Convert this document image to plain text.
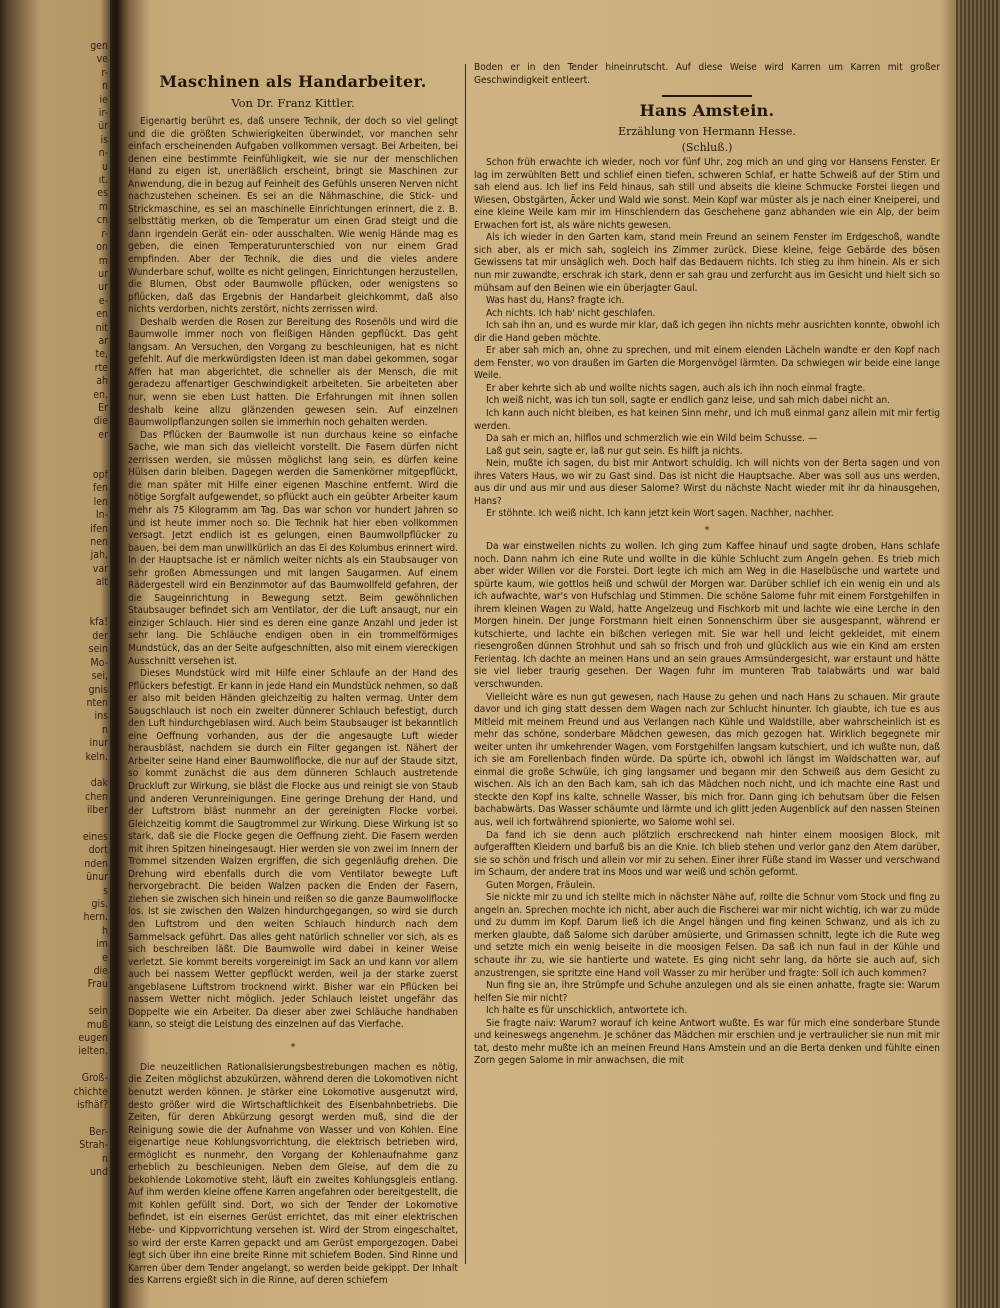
gen

ve

r-

n

ie

ir-

ür

is

n-

u

ıt.

es

m

cn

r-

on

m

ur

ur

e-

en

nit

ar

te,

rte

ah

en.

Er

die

er

opf

fen

len

In-

ifen

nen

jah,

var

alt

kfa!

der

sein

Mo-

sei,

gnis

nten

ins

n

inur

keln.

dak

chen

ilber

eines

dort

nden

ünur

s

gis.

hern.

h

im

e

die

Frau

sein

muß

eugen

ielten.

Groß-

chichte

isfhäf?

Ber-

Strah-

n

und

Maschinen als Handarbeiter.
Von Dr. Franz Kittler.

Eigenartig berührt es, daß unsere Technik, der doch so viel gelingt und die die größten Schwierigkeiten überwindet, vor manchen sehr einfach erscheinenden Aufgaben vollkommen versagt. Bei Arbeiten, bei denen eine bestimmte Feinfühligkeit, wie sie nur der menschlichen Hand zu eigen ist, unerläßlich erscheint, bringt sie Maschinen zur Anwendung, die in bezug auf Feinheit des Gefühls unseren Nerven nicht nachzustehen scheinen. Es sei an die Nähmaschine, die Stick- und Strickmaschine, es sei an maschinelle Einrichtungen erinnert, die z. B. selbsttätig merken, ob die Temperatur um einen Grad steigt und die dann irgendein Gerät ein- oder ausschalten. Wie wenig Hände mag es geben, die einen Temperaturunterschied von nur einem Grad empfinden. Aber der Technik, die dies und die vieles andere Wunderbare schuf, wollte es nicht gelingen, Einrichtungen herzustellen, die Blumen, Obst oder Baumwolle pflücken, oder wenigstens so pflücken, daß das Ergebnis der Handarbeit gleichkommt, daß also nichts verdorben, nichts zerstört, nichts zerrissen wird.

Deshalb werden die Rosen zur Bereitung des Rosenöls und wird die Baumwolle immer noch von fleißigen Händen gepflückt. Das geht langsam. An Versuchen, den Vorgang zu beschleunigen, hat es nicht gefehlt. Auf die merkwürdigsten Ideen ist man dabei gekommen, sogar Affen hat man abgerichtet, die schneller als der Mensch, die mit geradezu affenartiger Geschwindigkeit arbeiteten. Sie arbeiteten aber nur, wenn sie eben Lust hatten. Die Erfahrungen mit ihnen sollen deshalb keine allzu glänzenden gewesen sein. Auf einzelnen Baumwollpflanzungen sollen sie immerhin noch gehalten werden.

Das Pflücken der Baumwolle ist nun durchaus keine so einfache Sache, wie man sich das vielleicht vorstellt. Die Fasern dürfen nicht zerrissen werden, sie müssen möglichst lang sein, es dürfen keine Hülsen darin bleiben. Dagegen werden die Samenkörner mitgepflückt, die man später mit Hilfe einer eigenen Maschine entfernt. Wird die nötige Sorgfalt aufgewendet, so pflückt auch ein geübter Arbeiter kaum mehr als 75 Kilogramm am Tag. Das war schon vor hundert Jahren so und ist heute immer noch so. Die Technik hat hier eben vollkommen versagt. Jetzt endlich ist es gelungen, einen Baumwollpflücker zu bauen, bei dem man unwillkürlich an das Ei des Kolumbus erinnert wird. In der Hauptsache ist er nämlich weiter nichts als ein Staubsauger von sehr großen Abmessungen und mit langen Saugarmen. Auf einem Rädergestell wird ein Benzinmotor auf das Baumwollfeld gefahren, der die Saugeinrichtung in Bewegung setzt. Beim gewöhnlichen Staubsauger befindet sich am Ventilator, der die Luft ansaugt, nur ein einziger Schlauch. Hier sind es deren eine ganze Anzahl und jeder ist sehr lang. Die Schläuche endigen oben in ein trommelförmiges Mundstück, das an der Seite aufgeschnitten, also mit einem viereckigen Ausschnitt versehen ist.

Dieses Mundstück wird mit Hilfe einer Schlaufe an der Hand des Pflückers befestigt. Er kann in jede Hand ein Mundstück nehmen, so daß er also mit beiden Händen gleichzeitig zu halten vermag. Unter dem Saugschlauch ist noch ein zweiter dünnerer Schlauch befestigt, durch den Luft hindurchgeblasen wird. Auch beim Staubsauger ist bekanntlich eine Oeffnung vorhanden, aus der die angesaugte Luft wieder herausbläst, nachdem sie durch ein Filter gegangen ist. Nähert der Arbeiter seine Hand einer Baumwollflocke, die nur auf der Staude sitzt, so kommt zunächst die aus dem dünneren Schlauch austretende Druckluft zur Wirkung, sie bläst die Flocke aus und reinigt sie von Staub und anderen Verunreinigungen. Eine geringe Drehung der Hand, und der Luftstrom bläst nunmehr an der gereinigten Flocke vorbei. Gleichzeitig kommt die Saugtrommel zur Wirkung. Diese Wirkung ist so stark, daß sie die Flocke gegen die Oeffnung zieht. Die Fasern werden mit ihren Spitzen hineingesaugt. Hier werden sie von zwei im Innern der Trommel sitzenden Walzen ergriffen, die sich gegenläufig drehen. Die Drehung wird ebenfalls durch die vom Ventilator bewegte Luft hervorgebracht. Die beiden Walzen packen die Enden der Fasern, ziehen sie zwischen sich hinein und reißen so die ganze Baumwollflocke los. Ist sie zwischen den Walzen hindurchgegangen, so wird sie durch den Luftstrom und den weiten Schlauch hindurch nach dem Sammelsack geführt. Das alles geht natürlich schneller vor sich, als es sich beschreiben läßt. Die Baumwolle wird dabei in keiner Weise verletzt. Sie kommt bereits vorgereinigt im Sack an und kann vor allem auch bei nassem Wetter gepflückt werden, weil ja der starke zuerst angeblasene Luftstrom trocknend wirkt. Bisher war ein Pflücken bei nassem Wetter nicht möglich. Jeder Schlauch leistet ungefähr das Doppelte wie ein Arbeiter. Da dieser aber zwei Schläuche handhaben kann, so steigt die Leistung des einzelnen auf das Vierfache.

*

Die neuzeitlichen Rationalisierungsbestrebungen machen es nötig, die Zeiten möglichst abzukürzen, während deren die Lokomotiven nicht benutzt werden können. Je stärker eine Lokomotive ausgenutzt wird, desto größer wird die Wirtschaftlichkeit des Eisenbahnbetriebs. Die Zeiten, für deren Abkürzung gesorgt werden muß, sind die der Reinigung sowie die der Aufnahme von Wasser und von Kohlen. Eine eigenartige neue Kohlungsvorrichtung, die elektrisch betrieben wird, ermöglicht es nunmehr, den Vorgang der Kohlenaufnahme ganz erheblich zu beschleunigen. Neben dem Gleise, auf dem die zu bekohlende Lokomotive steht, läuft ein zweites Kohlungsgleis entlang. Auf ihm werden kleine offene Karren angefahren oder bereitgestellt, die mit Kohlen gefüllt sind. Dort, wo sich der Tender der Lokomotive befindet, ist ein eisernes Gerüst errichtet, das mit einer elektrischen Hebe- und Kippvorrichtung versehen ist. Wird der Strom eingeschaltet, so wird der erste Karren gepackt und am Gerüst emporgezogen. Dabei legt sich über ihn eine breite Rinne mit schiefem Boden. Sind Rinne und Karren über dem Tender angelangt, so werden beide gekippt. Der Inhalt des Karrens ergießt sich in die Rinne, auf deren schiefem

Boden er in den Tender hineinrutscht. Auf diese Weise wird Karren um Karren mit großer Geschwindigkeit entleert.

Hans Amstein.
Erzählung von Hermann Hesse.
(Schluß.)

Schon früh erwachte ich wieder, noch vor fünf Uhr, zog mich an und ging vor Hansens Fenster. Er lag im zerwühlten Bett und schlief einen tiefen, schweren Schlaf, er hatte Schweiß auf der Stirn und sah elend aus. Ich lief ins Feld hinaus, sah still und abseits die kleine Schmucke Forstei liegen und Wiesen, Obstgärten, Äcker und Wald wie sonst. Mein Kopf war müster als je nach einer Kneiperei, und eine kleine Weile kam mir im Hinschlendern das Geschehene ganz abhanden wie ein Alp, der beim Erwachen fort ist, als wäre nichts gewesen.

Als ich wieder in den Garten kam, stand mein Freund an seinem Fenster im Erdgeschoß, wandte sich aber, als er mich sah, sogleich ins Zimmer zurück. Diese kleine, feige Gebärde des bösen Gewissens tat mir unsäglich weh. Doch half das Bedauern nichts. Ich stieg zu ihm hinein. Als er sich nun mir zuwandte, erschrak ich stark, denn er sah grau und zerfurcht aus im Gesicht und hielt sich so mühsam auf den Beinen wie ein überjagter Gaul.

Was hast du, Hans? fragte ich.

Ach nichts. Ich hab' nicht geschlafen.

Ich sah ihn an, und es wurde mir klar, daß ich gegen ihn nichts mehr ausrichten konnte, obwohl ich dir die Hand geben möchte.

Er aber sah mich an, ohne zu sprechen, und mit einem elenden Lächeln wandte er den Kopf nach dem Fenster, wo von draußen im Garten die Morgenvögel lärmten. Da schwiegen wir beide eine lange Weile.

Er aber kehrte sich ab und wollte nichts sagen, auch als ich ihn noch einmal fragte.

Ich weiß nicht, was ich tun soll, sagte er endlich ganz leise, und sah mich dabei nicht an.

Ich kann auch nicht bleiben, es hat keinen Sinn mehr, und ich muß einmal ganz allein mit mir fertig werden.

Da sah er mich an, hilflos und schmerzlich wie ein Wild beim Schusse. —

Laß gut sein, sagte er, laß nur gut sein. Es hilft ja nichts.

Nein, mußte ich sagen, du bist mir Antwort schuldig. Ich will nichts von der Berta sagen und von ihres Vaters Haus, wo wir zu Gast sind. Das ist nicht die Hauptsache. Aber was soll aus uns werden, aus dir und aus mir und aus dieser Salome? Wirst du nächste Nacht wieder mit ihr da hinausgehen, Hans?

Er stöhnte. Ich weiß nicht. Ich kann jetzt kein Wort sagen. Nachher, nachher.

*

Da war einstweilen nichts zu wollen. Ich ging zum Kaffee hinauf und sagte droben, Hans schlafe noch. Dann nahm ich eine Rute und wollte in die kühle Schlucht zum Angeln gehen. Es trieb mich aber wider Willen vor die Forstei. Dort legte ich mich am Weg in die Haselbüsche und wartete und spürte kaum, wie gottlos heiß und schwül der Morgen war. Darüber schlief ich ein wenig ein und als ich aufwachte, war's von Hufschlag und Stimmen. Die schöne Salome fuhr mit einem Forstgehilfen in ihrem kleinen Wagen zu Wald, hatte Angelzeug und Fischkorb mit und lachte wie eine Lerche in den Morgen hinein. Der junge Forstmann hielt einen Sonnenschirm über sie ausgespannt, während er kutschierte, und lachte ein bißchen verlegen mit. Sie war hell und leicht gekleidet, mit einem riesengroßen dünnen Strohhut und sah so frisch und froh und glücklich aus wie ein Kind am ersten Ferientag. Ich dachte an meinen Hans und an sein graues Armsündergesicht, war erstaunt und hätte sie viel lieber traurig gesehen. Der Wagen fuhr im munteren Trab talabwärts und war bald verschwunden.

Vielleicht wäre es nun gut gewesen, nach Hause zu gehen und nach Hans zu schauen. Mir graute davor und ich ging statt dessen dem Wagen nach zur Schlucht hinunter. Ich glaubte, ich tue es aus Mitleid mit meinem Freund und aus Verlangen nach Kühle und Waldstille, aber wahrscheinlich ist es mehr das schöne, sonderbare Mädchen gewesen, das mich gezogen hat. Wirklich begegnete mir weiter unten ihr umkehrender Wagen, vom Forstgehilfen langsam kutschiert, und ich wußte nun, daß ich sie am Forellenbach finden würde. Da spürte ich, obwohl ich längst im Waldschatten war, auf einmal die große Schwüle, ich ging langsamer und begann mir den Schweiß aus dem Gesicht zu wischen. Als ich an den Bach kam, sah ich das Mädchen noch nicht, und ich machte eine Rast und steckte den Kopf ins kalte, schnelle Wasser, bis mich fror. Dann ging ich behutsam über die Felsen bachabwärts. Das Wasser schäumte und lärmte und ich glitt jeden Augenblick auf den nassen Steinen aus, weil ich fortwährend spionierte, wo Salome wohl sei.

Da fand ich sie denn auch plötzlich erschreckend nah hinter einem moosigen Block, mit aufgerafften Kleidern und barfuß bis an die Knie. Ich blieb stehen und verlor ganz den Atem darüber, sie so schön und frisch und allein vor mir zu sehen. Einer ihrer Füße stand im Wasser und verschwand im Schaum, der andere trat ins Moos und war weiß und schön geformt.

Guten Morgen, Fräulein.

Sie nickte mir zu und ich stellte mich in nächster Nähe auf, rollte die Schnur vom Stock und fing zu angeln an. Sprechen mochte ich nicht, aber auch die Fischerei war mir nicht wichtig, ich war zu müde und zu dumm im Kopf. Darum ließ ich die Angel hängen und fing keinen Schwanz, und als ich zu merken glaubte, daß Salome sich darüber amüsierte, und Grimassen schnitt, legte ich die Rute weg und setzte mich ein wenig beiseite in die moosigen Felsen. Da saß ich nun faul in der Kühle und schaute ihr zu, wie sie hantierte und watete. Es ging nicht sehr lang, da hörte sie auch auf, sich anzustrengen, sie spritzte eine Hand voll Wasser zu mir herüber und fragte: Soll ich auch kommen?

Nun fing sie an, ihre Strümpfe und Schuhe anzulegen und als sie einen anhatte, fragte sie: Warum helfen Sie mir nicht?

Ich halte es für unschicklich, antwortete ich.

Sie fragte naiv: Warum? worauf ich keine Antwort wußte. Es war für mich eine sonderbare Stunde und keineswegs angenehm. Je schöner das Mädchen mir erschien und je vertraulicher sie nun mit mir tat, desto mehr mußte ich an meinen Freund Hans Amstein und an die Berta denken und fühlte einen Zorn gegen Salome in mir anwachsen, die mit
